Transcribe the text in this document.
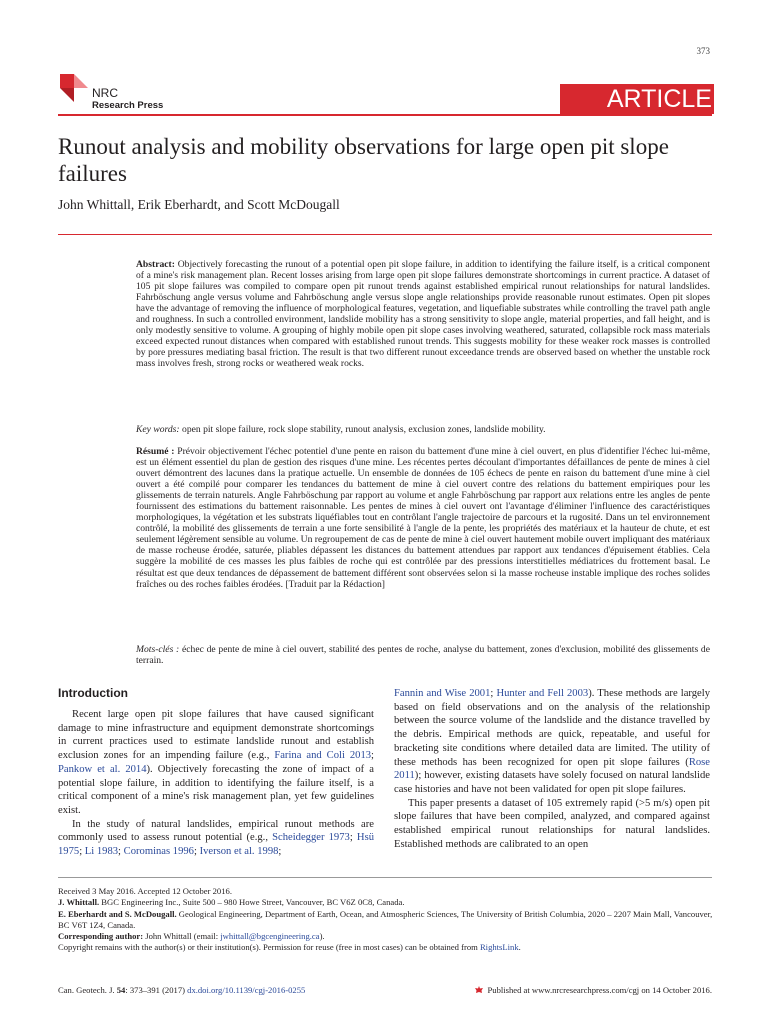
373
NRC
Research Press	ARTICLE
Runout analysis and mobility observations for large open pit slope failures
John Whittall, Erik Eberhardt, and Scott McDougall

Abstract: Objectively forecasting the runout of a potential open pit slope failure, in addition to identifying the failure itself, is a critical component of a mine's risk management plan. Recent losses arising from large open pit slope failures demonstrate shortcomings in current practice. A dataset of 105 pit slope failures was compiled to compare open pit runout trends against established empirical runout relationships for natural landslides. Fahrböschung angle versus volume and Fahrböschung angle versus slope angle relationships provide reasonable runout estimates. Open pit slopes have the advantage of removing the influence of morphological features, vegetation, and liquefiable substrates while controlling the travel path angle and roughness. In such a controlled environment, landslide mobility has a strong sensitivity to slope angle, material properties, and fall height, and is only modestly sensitive to volume. A grouping of highly mobile open pit slope cases involving weathered, saturated, collapsible rock mass materials exceed expected runout distances when compared with established runout trends. This suggests mobility for these weaker rock masses is controlled by pore pressures mediating basal friction. The result is that two different runout exceedance trends are observed based on whether the unstable rock mass involves fresh, strong rocks or weathered weak rocks.

Key words: open pit slope failure, rock slope stability, runout analysis, exclusion zones, landslide mobility.

Résumé : Prévoir objectivement l'échec potentiel d'une pente en raison du battement d'une mine à ciel ouvert, en plus d'identifier l'échec lui-même, est un élément essentiel du plan de gestion des risques d'une mine. Les récentes pertes découlant d'importantes défaillances de pente de mines à ciel ouvert démontrent des lacunes dans la pratique actuelle. Un ensemble de données de 105 échecs de pente en raison du battement d'une mine à ciel ouvert a été compilé pour comparer les tendances du battement de mine à ciel ouvert contre des relations du battement empiriques pour les glissements de terrain naturels. Angle Fahrböschung par rapport au volume et angle Fahrböschung par rapport aux relations entre les angles de pente fournissent des estimations du battement raisonnable. Les pentes de mines à ciel ouvert ont l'avantage d'éliminer l'influence des caractéristiques morphologiques, la végétation et les substrats liquéfiables tout en contrôlant l'angle trajectoire de parcours et la rugosité. Dans un tel environnement contrôlé, la mobilité des glissements de terrain a une forte sensibilité à l'angle de la pente, les propriétés des matériaux et la hauteur de chute, et est seulement légèrement sensible au volume. Un regroupement de cas de pente de mine à ciel ouvert hautement mobile ouvert impliquant des matériaux de masse rocheuse érodée, saturée, pliables dépassent les distances du battement attendues par rapport aux tendances d'épuisement établies. Cela suggère la mobilité de ces masses les plus faibles de roche qui est contrôlée par des pressions interstitielles médiatrices du frottement basal. Le résultat est que deux tendances de dépassement de battement différent sont observées selon si la masse rocheuse instable implique des roches solides fraîches ou des roches faibles érodées. [Traduit par la Rédaction]

Mots-clés : échec de pente de mine à ciel ouvert, stabilité des pentes de roche, analyse du battement, zones d'exclusion, mobilité des glissements de terrain.

Introduction

Recent large open pit slope failures that have caused significant damage to mine infrastructure and equipment demonstrate shortcomings in current practices used to estimate landslide runout and establish exclusion zones for an impending failure (e.g., Farina and Coli 2013; Pankow et al. 2014). Objectively forecasting the zone of impact of a potential slope failure, in addition to identifying the failure itself, is a critical component of a mine's risk management plan, yet few guidelines exist.

In the study of natural landslides, empirical runout methods are commonly used to assess runout potential (e.g., Scheidegger 1973; Hsü 1975; Li 1983; Corominas 1996; Iverson et al. 1998;

Fannin and Wise 2001; Hunter and Fell 2003). These methods are largely based on field observations and on the analysis of the relationship between the source volume of the landslide and the distance travelled by the debris. Empirical methods are quick, repeatable, and useful for bracketing site conditions where detailed data are limited. The utility of these methods has been recognized for open pit slope failures (Rose 2011); however, existing datasets have solely focused on natural landslide case histories and have not been validated for open pit slope failures.

This paper presents a dataset of 105 extremely rapid (>5 m/s) open pit slope failures that have been compiled, analyzed, and compared against established empirical runout relationships for natural landslides. Established methods are calibrated to an open

Received 3 May 2016. Accepted 12 October 2016.

J. Whittall. BGC Engineering Inc., Suite 500 – 980 Howe Street, Vancouver, BC V6Z 0C8, Canada.

E. Eberhardt and S. McDougall. Geological Engineering, Department of Earth, Ocean, and Atmospheric Sciences, The University of British Columbia, 2020 – 2207 Main Mall, Vancouver, BC V6T 1Z4, Canada.

Corresponding author: John Whittall (email: jwhittall@bgcengineering.ca).

Copyright remains with the author(s) or their institution(s). Permission for reuse (free in most cases) can be obtained from RightsLink.

Can. Geotech. J. 54: 373–391 (2017) dx.doi.org/10.1139/cgj-2016-0255	Published at www.nrcresearchpress.com/cgj on 14 October 2016.
